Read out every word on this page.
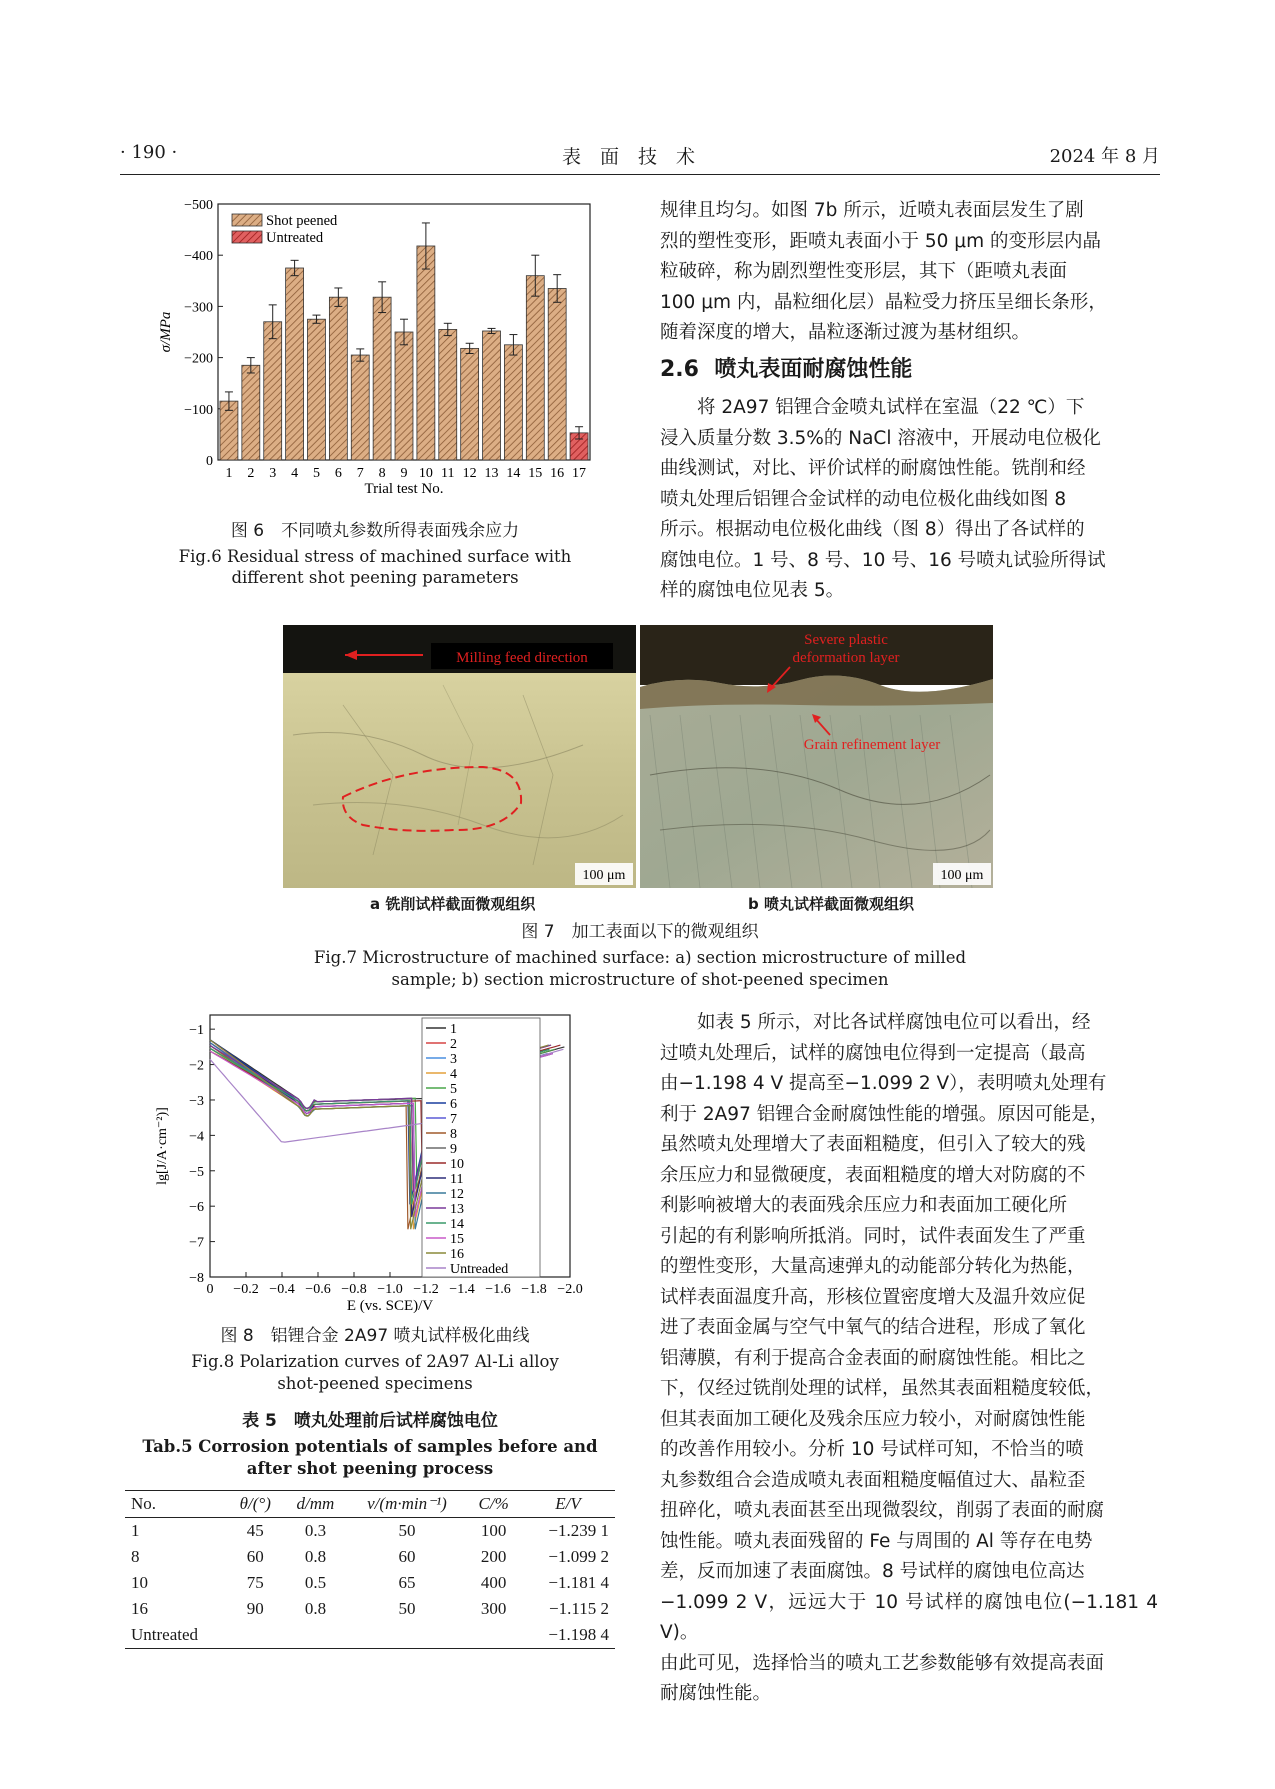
· 190 ·	表　面　技　术	2024 年 8 月
−500
−400
−300
−200
−100
0
1 2 3 4 5 6 7 8 9 10 11 12 13 14 15 16 17
Trial test No.
σ/MPa
Shot peened
Untreated
图 6　不同喷丸参数所得表面残余应力
Fig.6 Residual stress of machined surface with
different shot peening parameters

规律且均匀。如图 7b 所示，近喷丸表面层发生了剧

烈的塑性变形，距喷丸表面小于 50 μm 的变形层内晶

粒破碎，称为剧烈塑性变形层，其下（距喷丸表面

100 μm 内，晶粒细化层）晶粒受力挤压呈细长条形，

随着深度的增大，晶粒逐渐过渡为基材组织。

2.6 喷丸表面耐腐蚀性能

将 2A97 铝锂合金喷丸试样在室温（22 ℃）下

浸入质量分数 3.5%的 NaCl 溶液中，开展动电位极化

曲线测试，对比、评价试样的耐腐蚀性能。铣削和经

喷丸处理后铝锂合金试样的动电位极化曲线如图 8

所示。根据动电位极化曲线（图 8）得出了各试样的

腐蚀电位。1 号、8 号、10 号、16 号喷丸试验所得试

样的腐蚀电位见表 5。

Milling feed direction
100 μm
Severe plastic
deformation layer
Grain refinement layer
100 μm
a 铣削试样截面微观组织	b 喷丸试样截面微观组织
图 7　加工表面以下的微观组织
Fig.7 Microstructure of machined surface: a) section microstructure of milled
sample; b) section microstructure of shot-peened specimen
−1
−2
−3
−4
−5
−6
−7
−8
0 −0.2 −0.4 −0.6 −0.8 −1.0 −1.2 −1.4 −1.6 −1.8 −2.0
E (vs. SCE)/V
lg[J/A·cm⁻²)]
1
2
3
4
5
6
7
8
9
10
11
12
13
14
15
16
Untreaded
图 8　铝锂合金 2A97 喷丸试样极化曲线
Fig.8 Polarization curves of 2A97 Al-Li alloy
shot-peened specimens
表 5　喷丸处理前后试样腐蚀电位
Tab.5 Corrosion potentials of samples before and
after shot peening process
No.	θ/(°)	d/mm	v/(m·min⁻¹)	C/%	E/V
1	45	0.3	50	100	−1.239 1
8	60	0.8	60	200	−1.099 2
10	75	0.5	65	400	−1.181 4
16	90	0.8	50	300	−1.115 2
Untreated					−1.198 4

如表 5 所示，对比各试样腐蚀电位可以看出，经

过喷丸处理后，试样的腐蚀电位得到一定提高（最高

由−1.198 4 V 提高至−1.099 2 V），表明喷丸处理有

利于 2A97 铝锂合金耐腐蚀性能的增强。原因可能是，

虽然喷丸处理增大了表面粗糙度，但引入了较大的残

余压应力和显微硬度，表面粗糙度的增大对防腐的不

利影响被增大的表面残余压应力和表面加工硬化所

引起的有利影响所抵消。同时，试件表面发生了严重

的塑性变形，大量高速弹丸的动能部分转化为热能，

试样表面温度升高，形核位置密度增大及温升效应促

进了表面金属与空气中氧气的结合进程，形成了氧化

铝薄膜，有利于提高合金表面的耐腐蚀性能。相比之

下，仅经过铣削处理的试样，虽然其表面粗糙度较低，

但其表面加工硬化及残余压应力较小，对耐腐蚀性能

的改善作用较小。分析 10 号试样可知，不恰当的喷

丸参数组合会造成喷丸表面粗糙度幅值过大、晶粒歪

扭碎化，喷丸表面甚至出现微裂纹，削弱了表面的耐腐

蚀性能。喷丸表面残留的 Fe 与周围的 Al 等存在电势

差，反而加速了表面腐蚀。8 号试样的腐蚀电位高达

−1.099 2 V，远远大于 10 号试样的腐蚀电位(−1.181 4 V)。

由此可见，选择恰当的喷丸工艺参数能够有效提高表面

耐腐蚀性能。
